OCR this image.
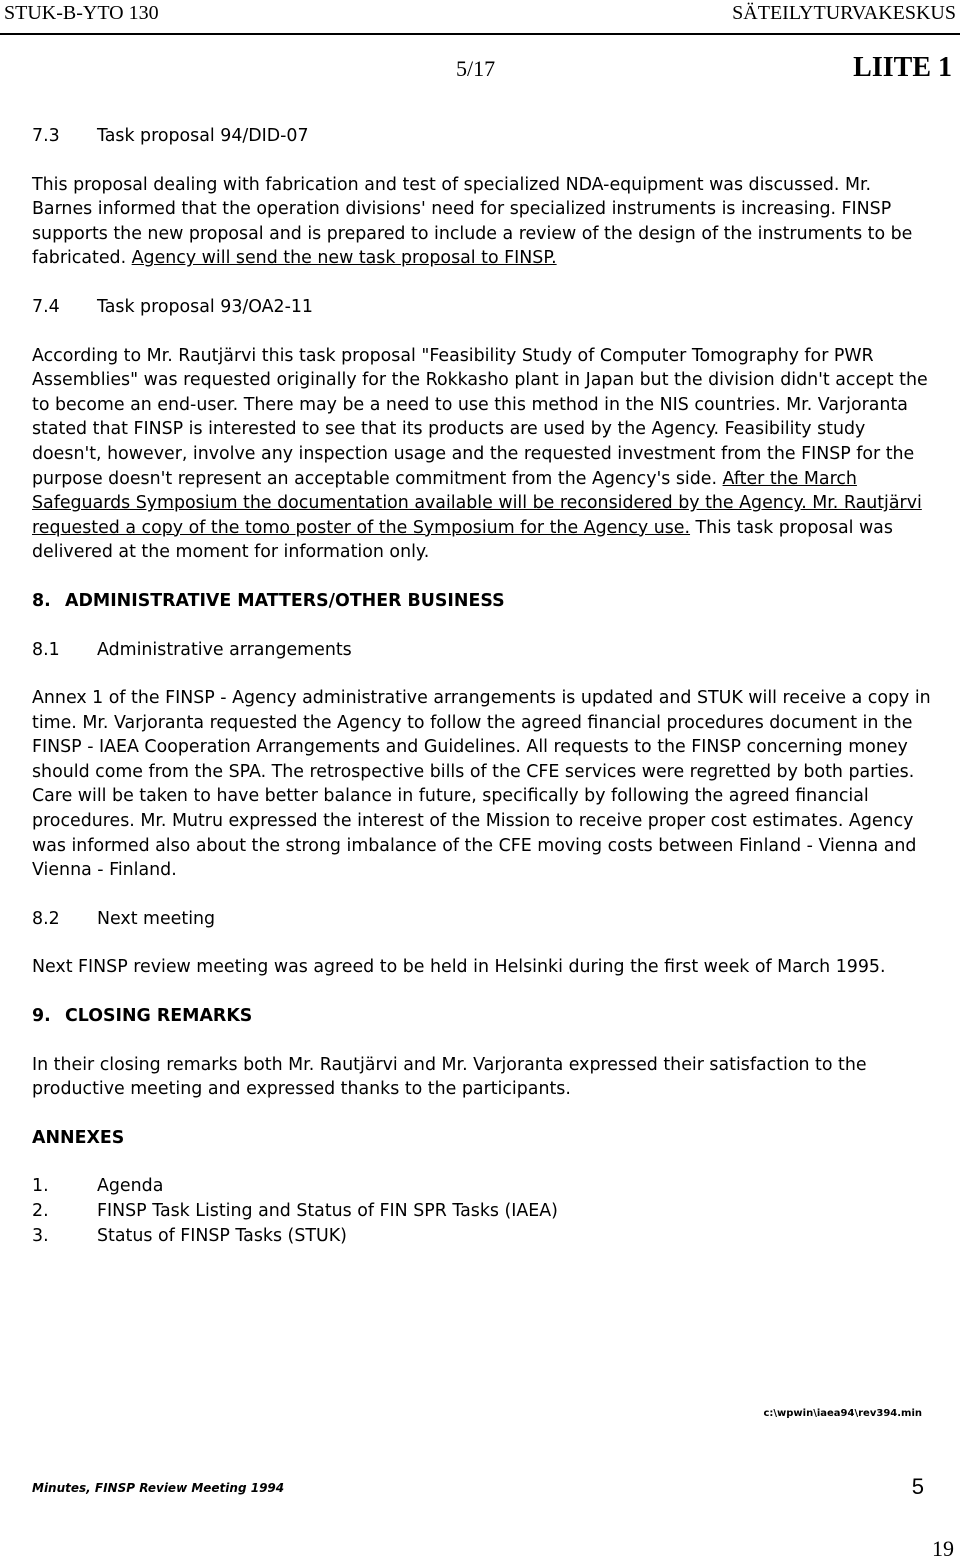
STUK-B-YTO 130	SÄTEILYTURVAKESKUS
5/17	LIITE 1

7.3 Task proposal 94/DID-07

This proposal dealing with fabrication and test of specialized NDA-equipment was discussed. Mr. Barnes informed that the operation divisions' need for specialized instruments is increasing. FINSP supports the new proposal and is prepared to include a review of the design of the instruments to be fabricated. Agency will send the new task proposal to FINSP.

7.4 Task proposal 93/OA2-11

According to Mr. Rautjärvi this task proposal "Feasibility Study of Computer Tomography for PWR Assemblies" was requested originally for the Rokkasho plant in Japan but the division didn't accept the to become an end-user. There may be a need to use this method in the NIS countries. Mr. Varjoranta stated that FINSP is interested to see that its products are used by the Agency. Feasibility study doesn't, however, involve any inspection usage and the requested investment from the FINSP for the purpose doesn't represent an acceptable commitment from the Agency's side. After the March Safeguards Symposium the documentation available will be reconsidered by the Agency. Mr. Rautjärvi requested a copy of the tomo poster of the Symposium for the Agency use. This task proposal was delivered at the moment for information only.

8. ADMINISTRATIVE MATTERS/OTHER BUSINESS

8.1 Administrative arrangements

Annex 1 of the FINSP - Agency administrative arrangements is updated and STUK will receive a copy in time. Mr. Varjoranta requested the Agency to follow the agreed financial procedures document in the FINSP - IAEA Cooperation Arrangements and Guidelines. All requests to the FINSP concerning money should come from the SPA. The retrospective bills of the CFE services were regretted by both parties. Care will be taken to have better balance in future, specifically by following the agreed financial procedures. Mr. Mutru expressed the interest of the Mission to receive proper cost estimates. Agency was informed also about the strong imbalance of the CFE moving costs between Finland - Vienna and Vienna - Finland.

8.2 Next meeting

Next FINSP review meeting was agreed to be held in Helsinki during the first week of March 1995.

9. CLOSING REMARKS

In their closing remarks both Mr. Rautjärvi and Mr. Varjoranta expressed their satisfaction to the productive meeting and expressed thanks to the participants.

ANNEXES

1.	Agenda

2.	FINSP Task Listing and Status of FIN SPR Tasks (IAEA)

3.	Status of FINSP Tasks (STUK)

c:\wpwin\iaea94\rev394.min
Minutes, FINSP Review Meeting 1994	5
19
